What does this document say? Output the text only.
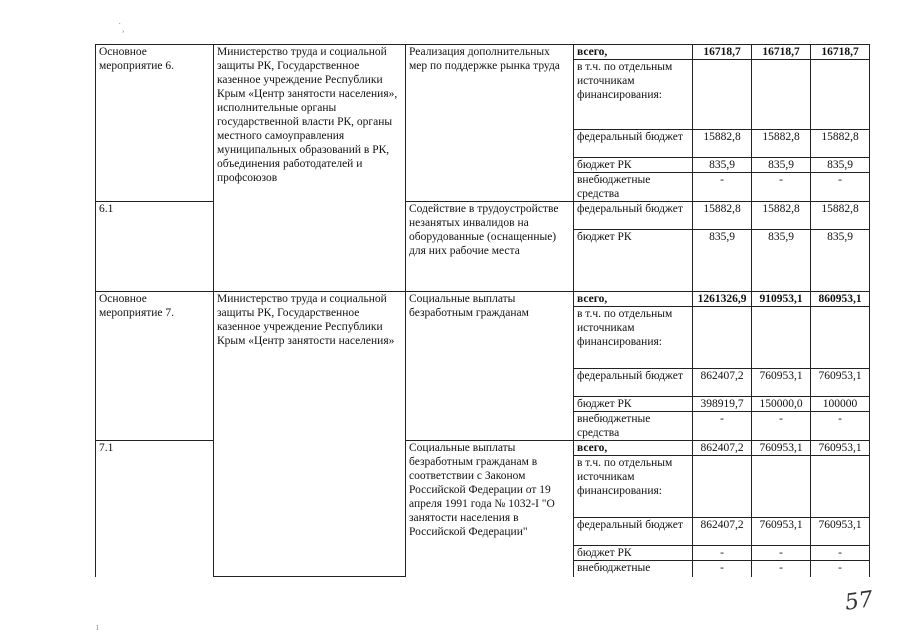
Основное мероприятие 6.	Министерство труда и социальной защиты РК, Государственное казенное учреждение Республики Крым «Центр занятости населения», исполнительные органы государственной власти РК, органы местного самоуправления муниципальных образований в РК, объединения работодателей и профсоюзов	Реализация дополнительных мер по поддержке рынка труда	всего,	16718,7	16718,7	16718,7
			в т.ч. по отдельным источникам финансирования:			
			федеральный бюджет	15882,8	15882,8	15882,8
			бюджет РК	835,9	835,9	835,9
			внебюджетные средства	-	-	-
6.1		Содействие в трудоустройстве незанятых инвалидов на оборудованные (оснащенные) для них рабочие места	федеральный бюджет	15882,8	15882,8	15882,8
			бюджет РК	835,9	835,9	835,9
Основное мероприятие 7.	Министерство труда и социальной защиты РК, Государственное казенное учреждение Республики Крым «Центр занятости населения»	Социальные выплаты безработным гражданам	всего,	1261326,9	910953,1	860953,1
			в т.ч. по отдельным источникам финансирования:			
			федеральный бюджет	862407,2	760953,1	760953,1
			бюджет РК	398919,7	150000,0	100000
			внебюджетные средства	-	-	-
7.1		Социальные выплаты безработным гражданам в соответствии с Законом Российской Федерации от 19 апреля 1991 года № 1032-I "О занятости населения в Российской Федерации"	всего,	862407,2	760953,1	760953,1
			в т.ч. по отдельным источникам финансирования:			
			федеральный бюджет	862407,2	760953,1	760953,1
			бюджет РК	-	-	-
			внебюджетные	-	-	-
57
˙¸
ı
